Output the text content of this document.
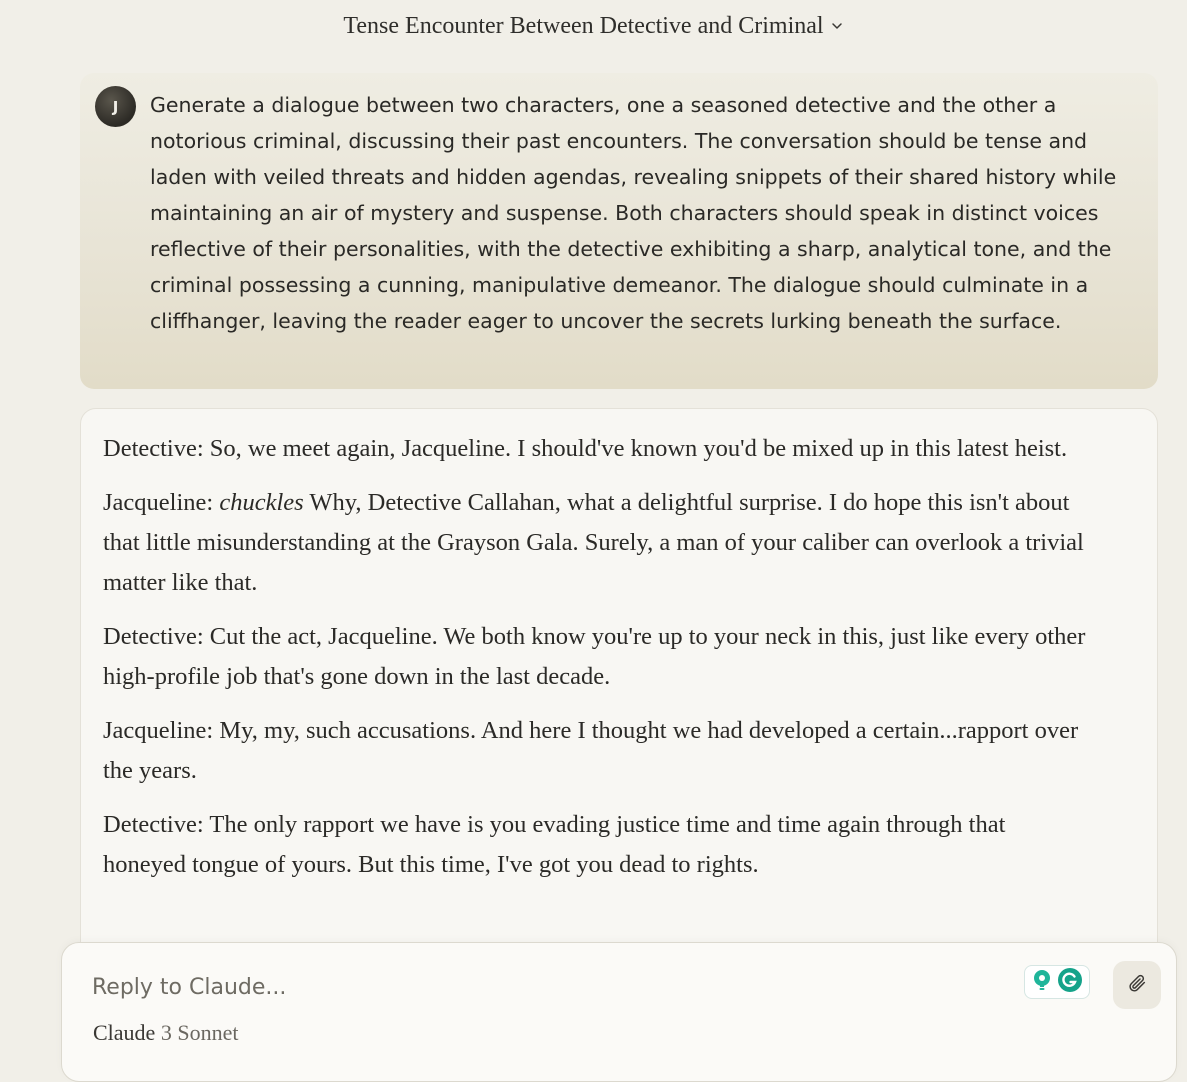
Tense Encounter Between Detective and Criminal
J Generate a dialogue between two characters, one a seasoned detective and the other a notorious criminal, discussing their past encounters. The conversation should be tense and laden with veiled threats and hidden agendas, revealing snippets of their shared history while maintaining an air of mystery and suspense. Both characters should speak in distinct voices reflective of their personalities, with the detective exhibiting a sharp, analytical tone, and the criminal possessing a cunning, manipulative demeanor. The dialogue should culminate in a cliffhanger, leaving the reader eager to uncover the secrets lurking beneath the surface.

Detective: So, we meet again, Jacqueline. I should've known you'd be mixed up in this latest heist.

Jacqueline: chuckles Why, Detective Callahan, what a delightful surprise. I do hope this isn't about that little misunderstanding at the Grayson Gala. Surely, a man of your caliber can overlook a trivial matter like that.

Detective: Cut the act, Jacqueline. We both know you're up to your neck in this, just like every other high-profile job that's gone down in the last decade.

Jacqueline: My, my, such accusations. And here I thought we had developed a certain...rapport over the years.

Detective: The only rapport we have is you evading justice time and time again through that honeyed tongue of yours. But this time, I've got you dead to rights.

Reply to Claude...
Claude 3 Sonnet
